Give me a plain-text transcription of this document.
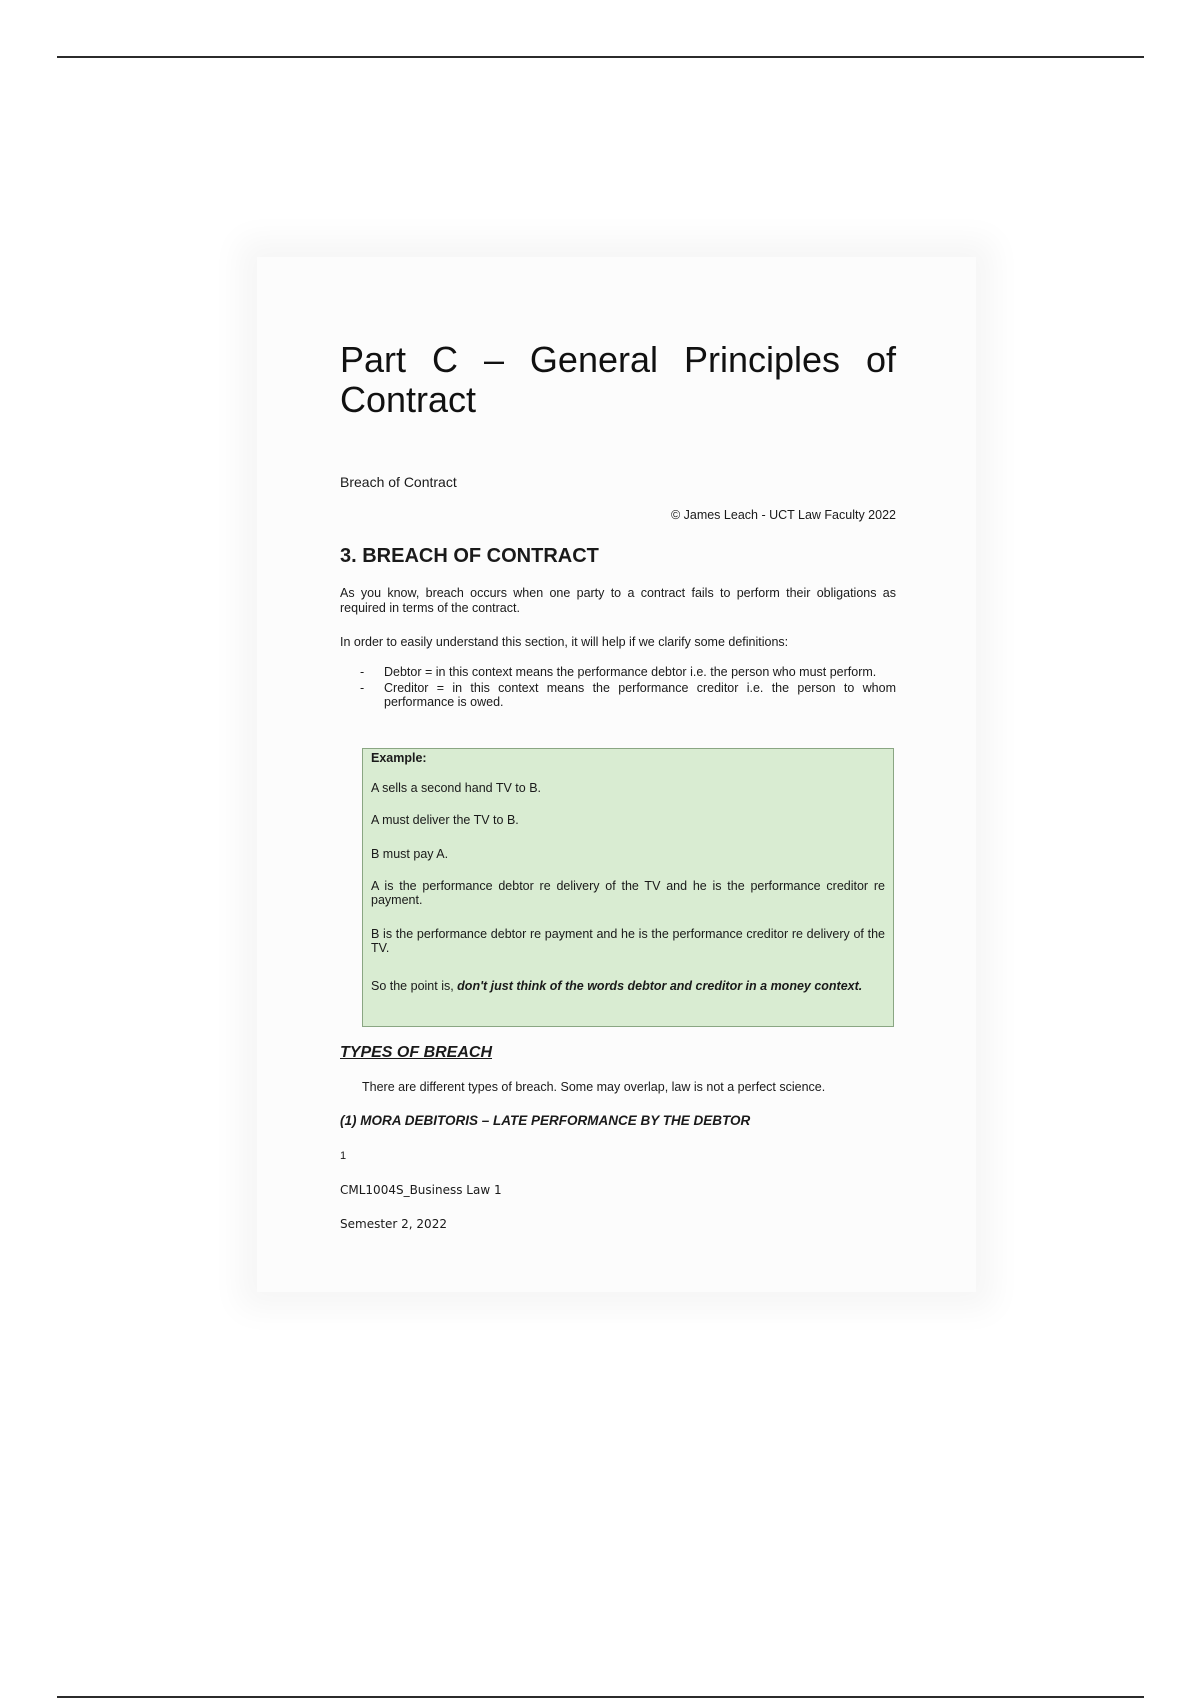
Part C – General Principles of
Contract

Breach of Contract

© James Leach - UCT Law Faculty 2022

3. BREACH OF CONTRACT

As you know, breach occurs when one party to a contract fails to perform their obligations as required in terms of the contract.

In order to easily understand this section, it will help if we clarify some definitions:

- Debtor = in this context means the performance debtor i.e. the person who must perform.
- Creditor = in this context means the performance creditor i.e. the person to whom performance is owed.
Example:
A sells a second hand TV to B.
A must deliver the TV to B.
B must pay A.
A is the performance debtor re delivery of the TV and he is the performance creditor re payment.
B is the performance debtor re payment and he is the performance creditor re delivery of the TV.
So the point is, don't just think of the words debtor and creditor in a money context.
TYPES OF BREACH

There are different types of breach. Some may overlap, law is not a perfect science.

(1) MORA DEBITORIS – LATE PERFORMANCE BY THE DEBTOR

1

CML1004S_Business Law 1

Semester 2, 2022
